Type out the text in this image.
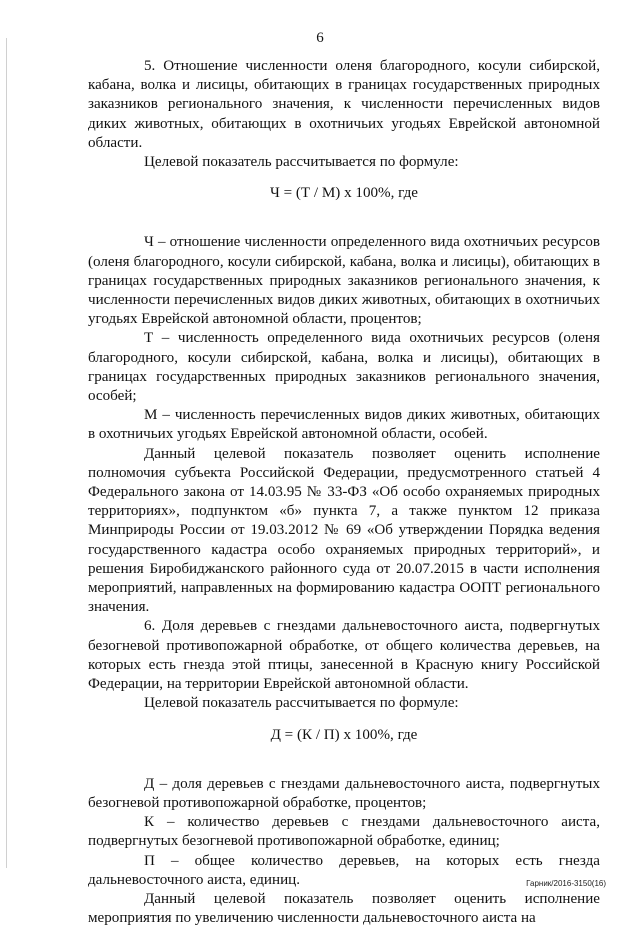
6

5. Отношение численности оленя благородного, косули сибирской, кабана, волка и лисицы, обитающих в границах государственных природных заказников регионального значения, к численности перечисленных видов диких животных, обитающих в охотничьих угодьях Еврейской автономной области.

Целевой показатель рассчитывается по формуле:

Ч = (Т / М) х 100%, где

Ч – отношение численности определенного вида охотничьих ресурсов (оленя благородного, косули сибирской, кабана, волка и лисицы), обитающих в границах государственных природных заказников регионального значения, к численности перечисленных видов диких животных, обитающих в охотничьих угодьях Еврейской автономной области, процентов;

Т – численность определенного вида охотничьих ресурсов (оленя благородного, косули сибирской, кабана, волка и лисицы), обитающих в границах государственных природных заказников регионального значения, особей;

М – численность перечисленных видов диких животных, обитающих в охотничьих угодьях Еврейской автономной области, особей.

Данный целевой показатель позволяет оценить исполнение полномочия субъекта Российской Федерации, предусмотренного статьей 4 Федерального закона от 14.03.95 № 33-ФЗ «Об особо охраняемых природных территориях», подпунктом «б» пункта 7, а также пунктом 12 приказа Минприроды России от 19.03.2012 № 69 «Об утверждении Порядка ведения государственного кадастра особо охраняемых природных территорий», и решения Биробиджанского районного суда от 20.07.2015 в части исполнения мероприятий, направленных на формированию кадастра ООПТ регионального значения.

6. Доля деревьев с гнездами дальневосточного аиста, подвергнутых безогневой противопожарной обработке, от общего количества деревьев, на которых есть гнезда этой птицы, занесенной в Красную книгу Российской Федерации, на территории Еврейской автономной области.

Целевой показатель рассчитывается по формуле:

Д = (К / П) х 100%, где

Д – доля деревьев с гнездами дальневосточного аиста, подвергнутых безогневой противопожарной обработке, процентов;

К – количество деревьев с гнездами дальневосточного аиста, подвергнутых безогневой противопожарной обработке, единиц;

П – общее количество деревьев, на которых есть гнезда дальневосточного аиста, единиц.

Данный целевой показатель позволяет оценить исполнение мероприятия по увеличению численности дальневосточного аиста на

Гарник/2016-3150(16)
